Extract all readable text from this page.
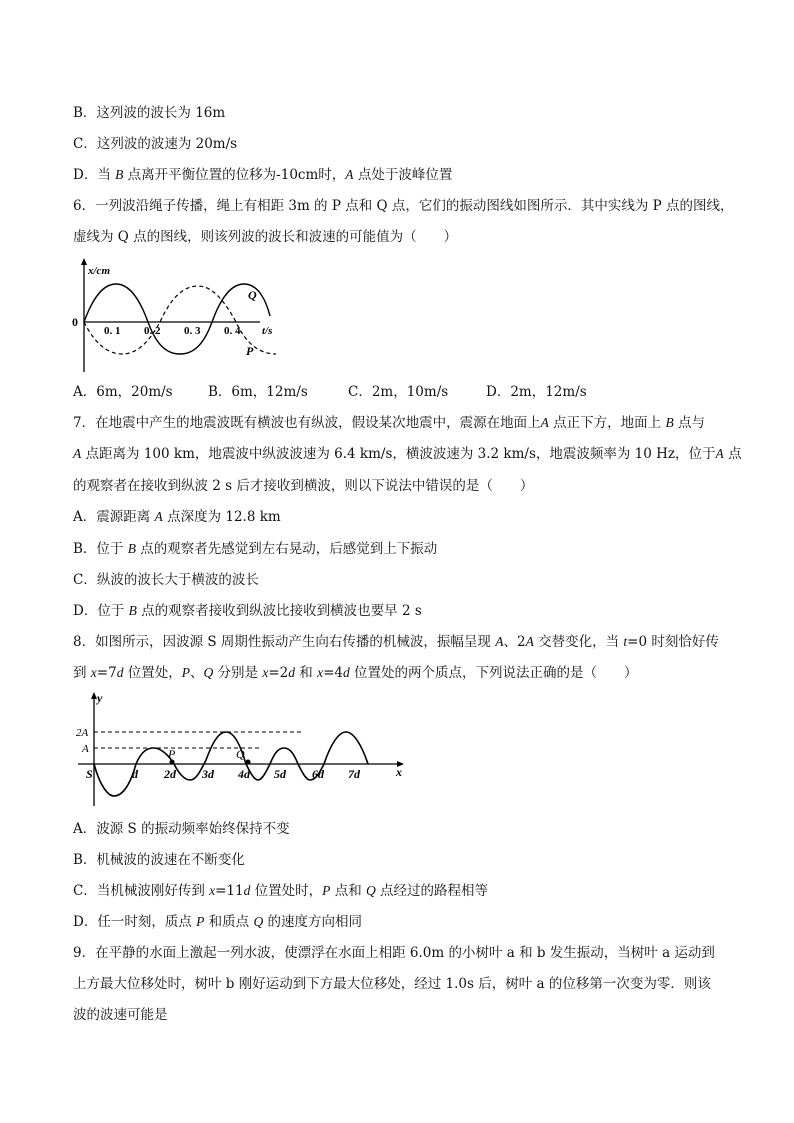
B．这列波的波长为 16m
C．这列波的波速为 20m/s
D．当 B 点离开平衡位置的位移为-10cm时，A 点处于波峰位置
6．一列波沿绳子传播，绳上有相距 3m 的 P 点和 Q 点，它们的振动图线如图所示．其中实线为 P 点的图线，
虚线为 Q 点的图线，则该列波的波长和波速的可能值为（　　）
x/cm
0
0. 1 0. 2 0. 3 0. 4 t/s
Q
P
A．6m，20m/s	B．6m，12m/s	C．2m，10m/s	D．2m，12m/s
7．在地震中产生的地震波既有横波也有纵波，假设某次地震中，震源在地面上A 点正下方，地面上 B 点与
A 点距离为 100 km，地震波中纵波波速为 6.4 km/s，横波波速为 3.2 km/s，地震波频率为 10 Hz，位于A 点
的观察者在接收到纵波 2 s 后才接收到横波，则以下说法中错误的是（　　）
A．震源距离 A 点深度为 12.8 km
B．位于 B 点的观察者先感觉到左右晃动，后感觉到上下振动
C．纵波的波长大于横波的波长
D．位于 B 点的观察者接收到纵波比接收到横波也要早 2 s
8．如图所示，因波源 S 周期性振动产生向右传播的机械波，振幅呈现 A、2A 交替变化，当 t=0 时刻恰好传
到 x=7d 位置处，P、Q 分别是 x=2d 和 x=4d 位置处的两个质点，下列说法正确的是（　　）
y
x
2A
A
S	d 2d 3d 4d 5d 6d 7d
P	Q
A．波源 S 的振动频率始终保持不变
B．机械波的波速在不断变化
C．当机械波刚好传到 x=11d 位置处时，P 点和 Q 点经过的路程相等
D．任一时刻，质点 P 和质点 Q 的速度方向相同
9．在平静的水面上激起一列水波，使漂浮在水面上相距 6.0m 的小树叶 a 和 b 发生振动，当树叶 a 运动到
上方最大位移处时，树叶 b 刚好运动到下方最大位移处，经过 1.0s 后，树叶 a 的位移第一次变为零．则该
波的波速可能是
